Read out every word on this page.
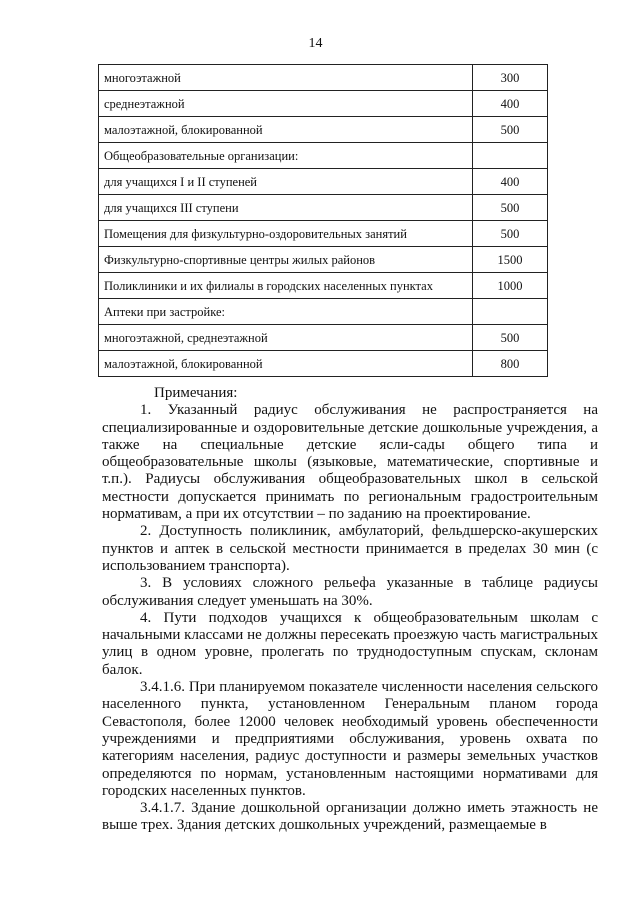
14
многоэтажной	300
среднеэтажной	400
малоэтажной, блокированной	500
Общеобразовательные организации:	
для учащихся I и II ступеней	400
для учащихся III ступени	500
Помещения для физкультурно-оздоровительных занятий	500
Физкультурно-спортивные центры жилых районов	1500
Поликлиники и их филиалы в городских населенных пунктах	1000
Аптеки при застройке:	
многоэтажной, среднеэтажной	500
малоэтажной, блокированной	800

Примечания:

1. Указанный радиус обслуживания не распространяется на специализированные и оздоровительные детские дошкольные учреждения, а также на специальные детские ясли-сады общего типа и общеобразовательные школы (языковые, математические, спортивные и т.п.). Радиусы обслуживания общеобразовательных школ в сельской местности допускается принимать по региональным градостроительным нормативам, а при их отсутствии – по заданию на проектирование.

2. Доступность поликлиник, амбулаторий, фельдшерско-акушерских пунктов и аптек в сельской местности принимается в пределах 30 мин (с использованием транспорта).

3. В условиях сложного рельефа указанные в таблице радиусы обслуживания следует уменьшать на 30%.

4. Пути подходов учащихся к общеобразовательным школам с начальными классами не должны пересекать проезжую часть магистральных улиц в одном уровне, пролегать по труднодоступным спускам, склонам балок.

3.4.1.6. При планируемом показателе численности населения сельского населенного пункта, установленном Генеральным планом города Севастополя, более 12000 человек необходимый уровень обеспеченности учреждениями и предприятиями обслуживания, уровень охвата по категориям населения, радиус доступности и размеры земельных участков определяются по нормам, установленным настоящими нормативами для городских населенных пунктов.

3.4.1.7. Здание дошкольной организации должно иметь этажность не выше трех. Здания детских дошкольных учреждений, размещаемые в
